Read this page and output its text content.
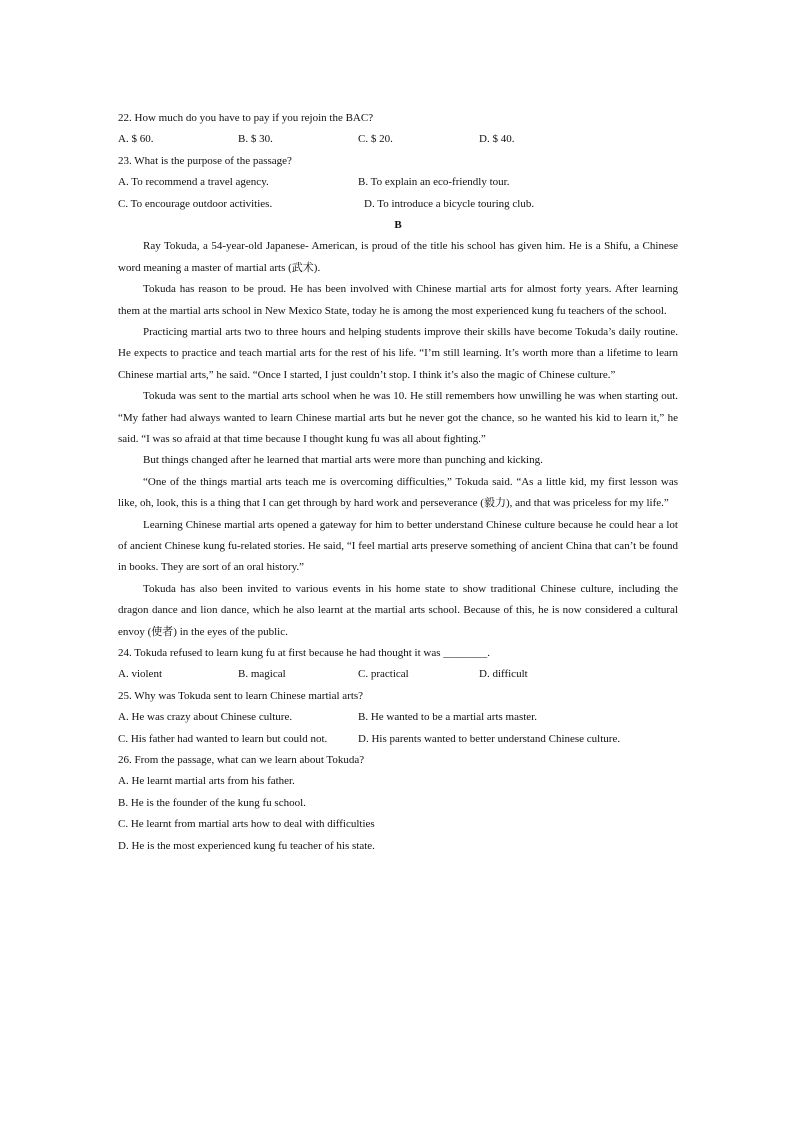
22. How much do you have to pay if you rejoin the BAC?
A. $ 60.	B. $ 30.	C. $ 20.	D. $ 40.
23. What is the purpose of the passage?
A. To recommend a travel agency.	B. To explain an eco-friendly tour.
C. To encourage outdoor activities.	D. To introduce a bicycle touring club.
B
Ray Tokuda, a 54-year-old Japanese- American, is proud of the title his school has given him. He is a Shifu, a Chinese word meaning a master of martial arts (武术).
Tokuda has reason to be proud. He has been involved with Chinese martial arts for almost forty years. After learning them at the martial arts school in New Mexico State, today he is among the most experienced kung fu teachers of the school.
Practicing martial arts two to three hours and helping students improve their skills have become Tokuda’s daily routine. He expects to practice and teach martial arts for the rest of his life. “I’m still learning. It’s worth more than a lifetime to learn Chinese martial arts,” he said. “Once I started, I just couldn’t stop. I think it’s also the magic of Chinese culture.”
Tokuda was sent to the martial arts school when he was 10. He still remembers how unwilling he was when starting out. “My father had always wanted to learn Chinese martial arts but he never got the chance, so he wanted his kid to learn it,” he said. “I was so afraid at that time because I thought kung fu was all about fighting.”
But things changed after he learned that martial arts were more than punching and kicking.
“One of the things martial arts teach me is overcoming difficulties,” Tokuda said. “As a little kid, my first lesson was like, oh, look, this is a thing that I can get through by hard work and perseverance (毅力), and that was priceless for my life.”
Learning Chinese martial arts opened a gateway for him to better understand Chinese culture because he could hear a lot of ancient Chinese kung fu-related stories. He said, “I feel martial arts preserve something of ancient China that can’t be found in books. They are sort of an oral history.”
Tokuda has also been invited to various events in his home state to show traditional Chinese culture, including the dragon dance and lion dance, which he also learnt at the martial arts school. Because of this, he is now considered a cultural envoy (使者) in the eyes of the public.
24. Tokuda refused to learn kung fu at first because he had thought it was ________.
A. violent	B. magical	C. practical	D. difficult
25. Why was Tokuda sent to learn Chinese martial arts?
A. He was crazy about Chinese culture.	B. He wanted to be a martial arts master.
C. His father had wanted to learn but could not.	D. His parents wanted to better understand Chinese culture.
26. From the passage, what can we learn about Tokuda?
A. He learnt martial arts from his father.
B. He is the founder of the kung fu school.
C. He learnt from martial arts how to deal with difficulties
D. He is the most experienced kung fu teacher of his state.
